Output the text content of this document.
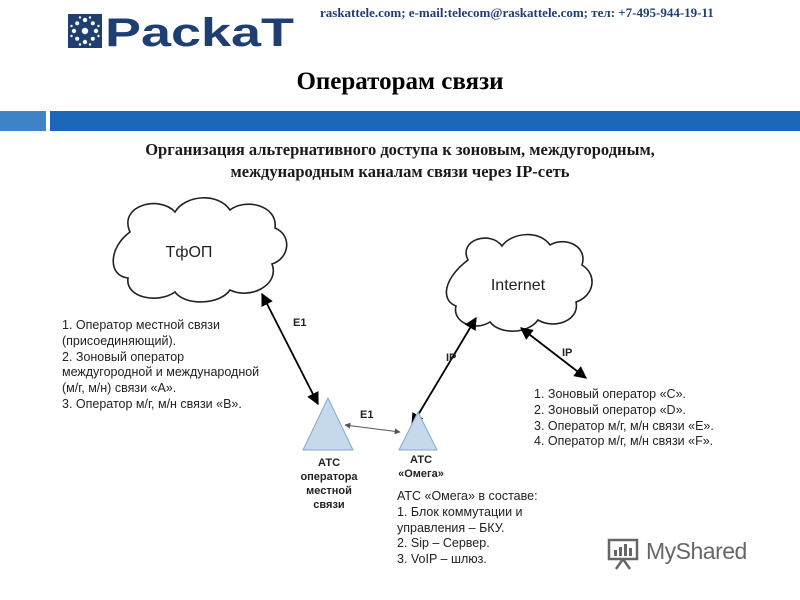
PackaT raskattele.com; e-mail:telecom@raskattele.com; тел: +7-495-944-19-11
Операторам связи
Организация альтернативного доступа к зоновым, междугородным,
международным каналам связи через IP-сеть
ТфОП
Internet
E1
E1
IP	IP
АТС
оператора
местной
связи
АТС
«Омега»
1. Оператор местной связи
(присоединяющий).
2. Зоновый оператор
междугородной и международной
(м/г, м/н) связи «А».
3. Оператор м/г, м/н связи «В».
1. Зоновый оператор «С».
2. Зоновый оператор «D».
3. Оператор м/г, м/н связи «Е».
4. Оператор м/г, м/н связи «F».
АТС «Омега» в составе:
1. Блок коммутации и
управления – БКУ.
2. Sip – Сервер.
3. VoIP – шлюз.	MyShared
